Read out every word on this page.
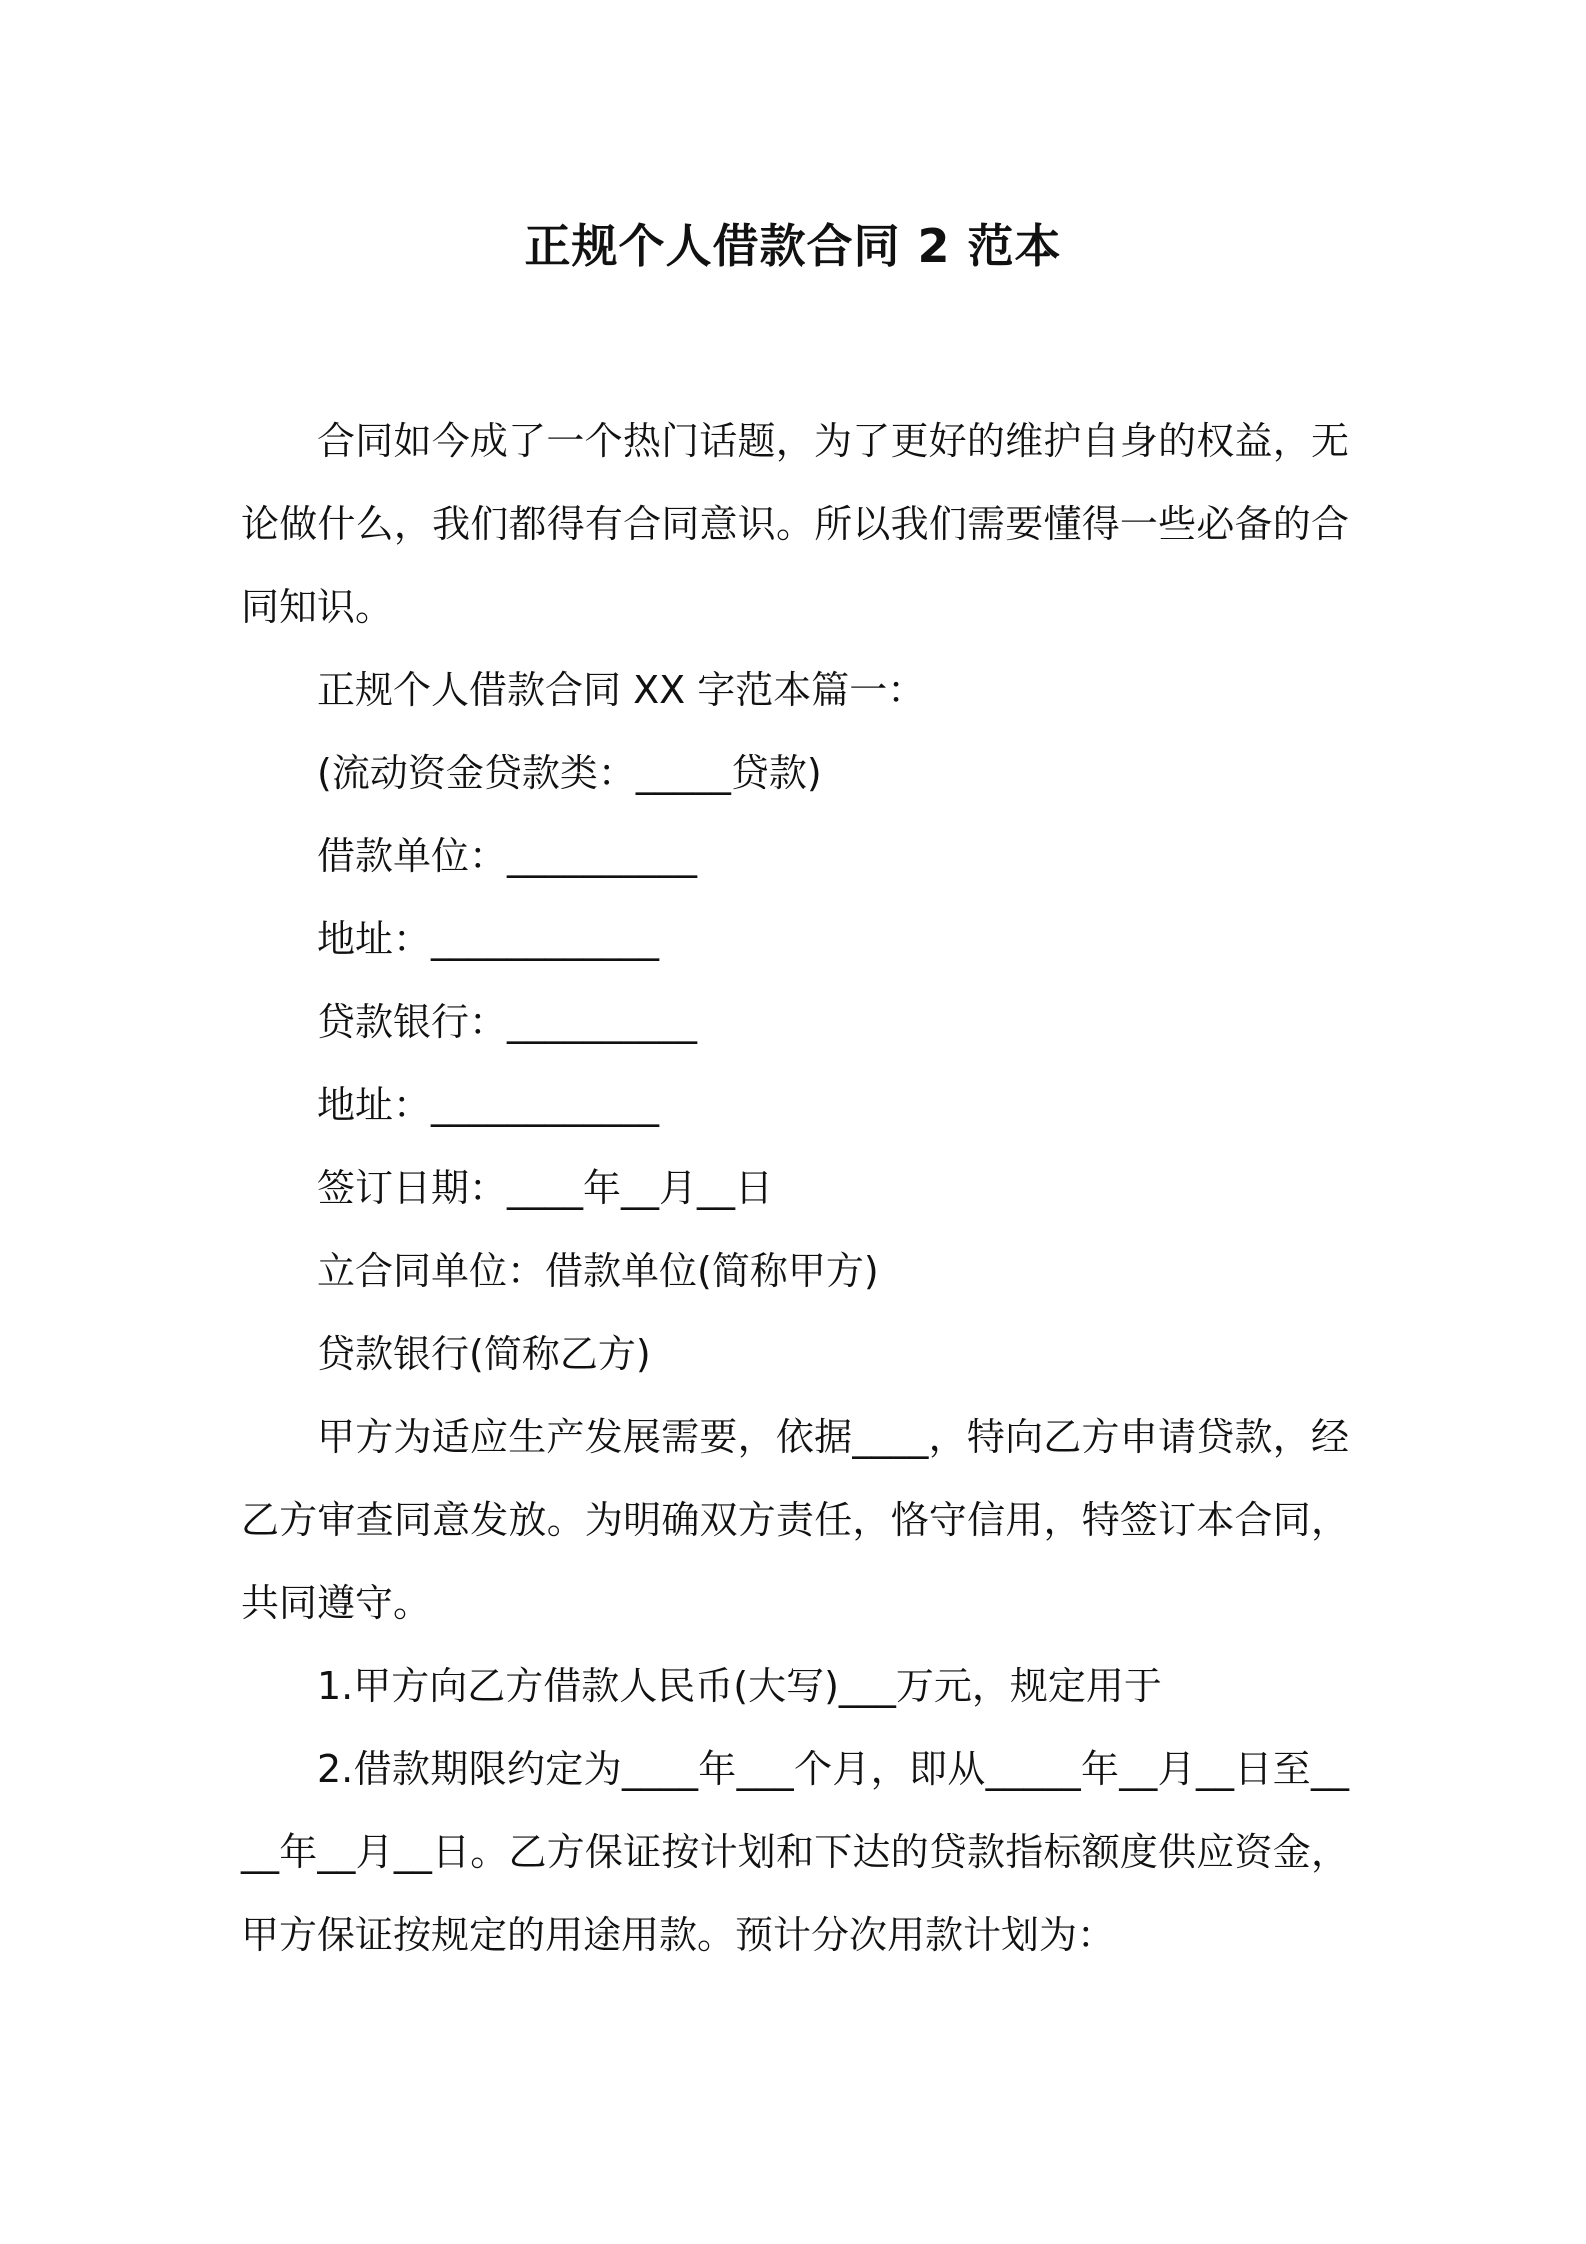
正规个人借款合同 2 范本

合同如今成了一个热门话题，为了更好的维护自身的权益，无论做什么，我们都得有合同意识。所以我们需要懂得一些必备的合同知识。

正规个人借款合同 XX 字范本篇一：

(流动资金贷款类：_____贷款)

借款单位：__________

地址：____________

贷款银行：__________

地址：____________

签订日期：____年__月__日

立合同单位：借款单位(简称甲方)

贷款银行(简称乙方)

甲方为适应生产发展需要，依据____，特向乙方申请贷款，经乙方审查同意发放。为明确双方责任，恪守信用，特签订本合同，共同遵守。

1.甲方向乙方借款人民币(大写)___万元，规定用于

2.借款期限约定为____年___个月，即从_____年__月__日至____年__月__日。乙方保证按计划和下达的贷款指标额度供应资金，甲方保证按规定的用途用款。预计分次用款计划为：
